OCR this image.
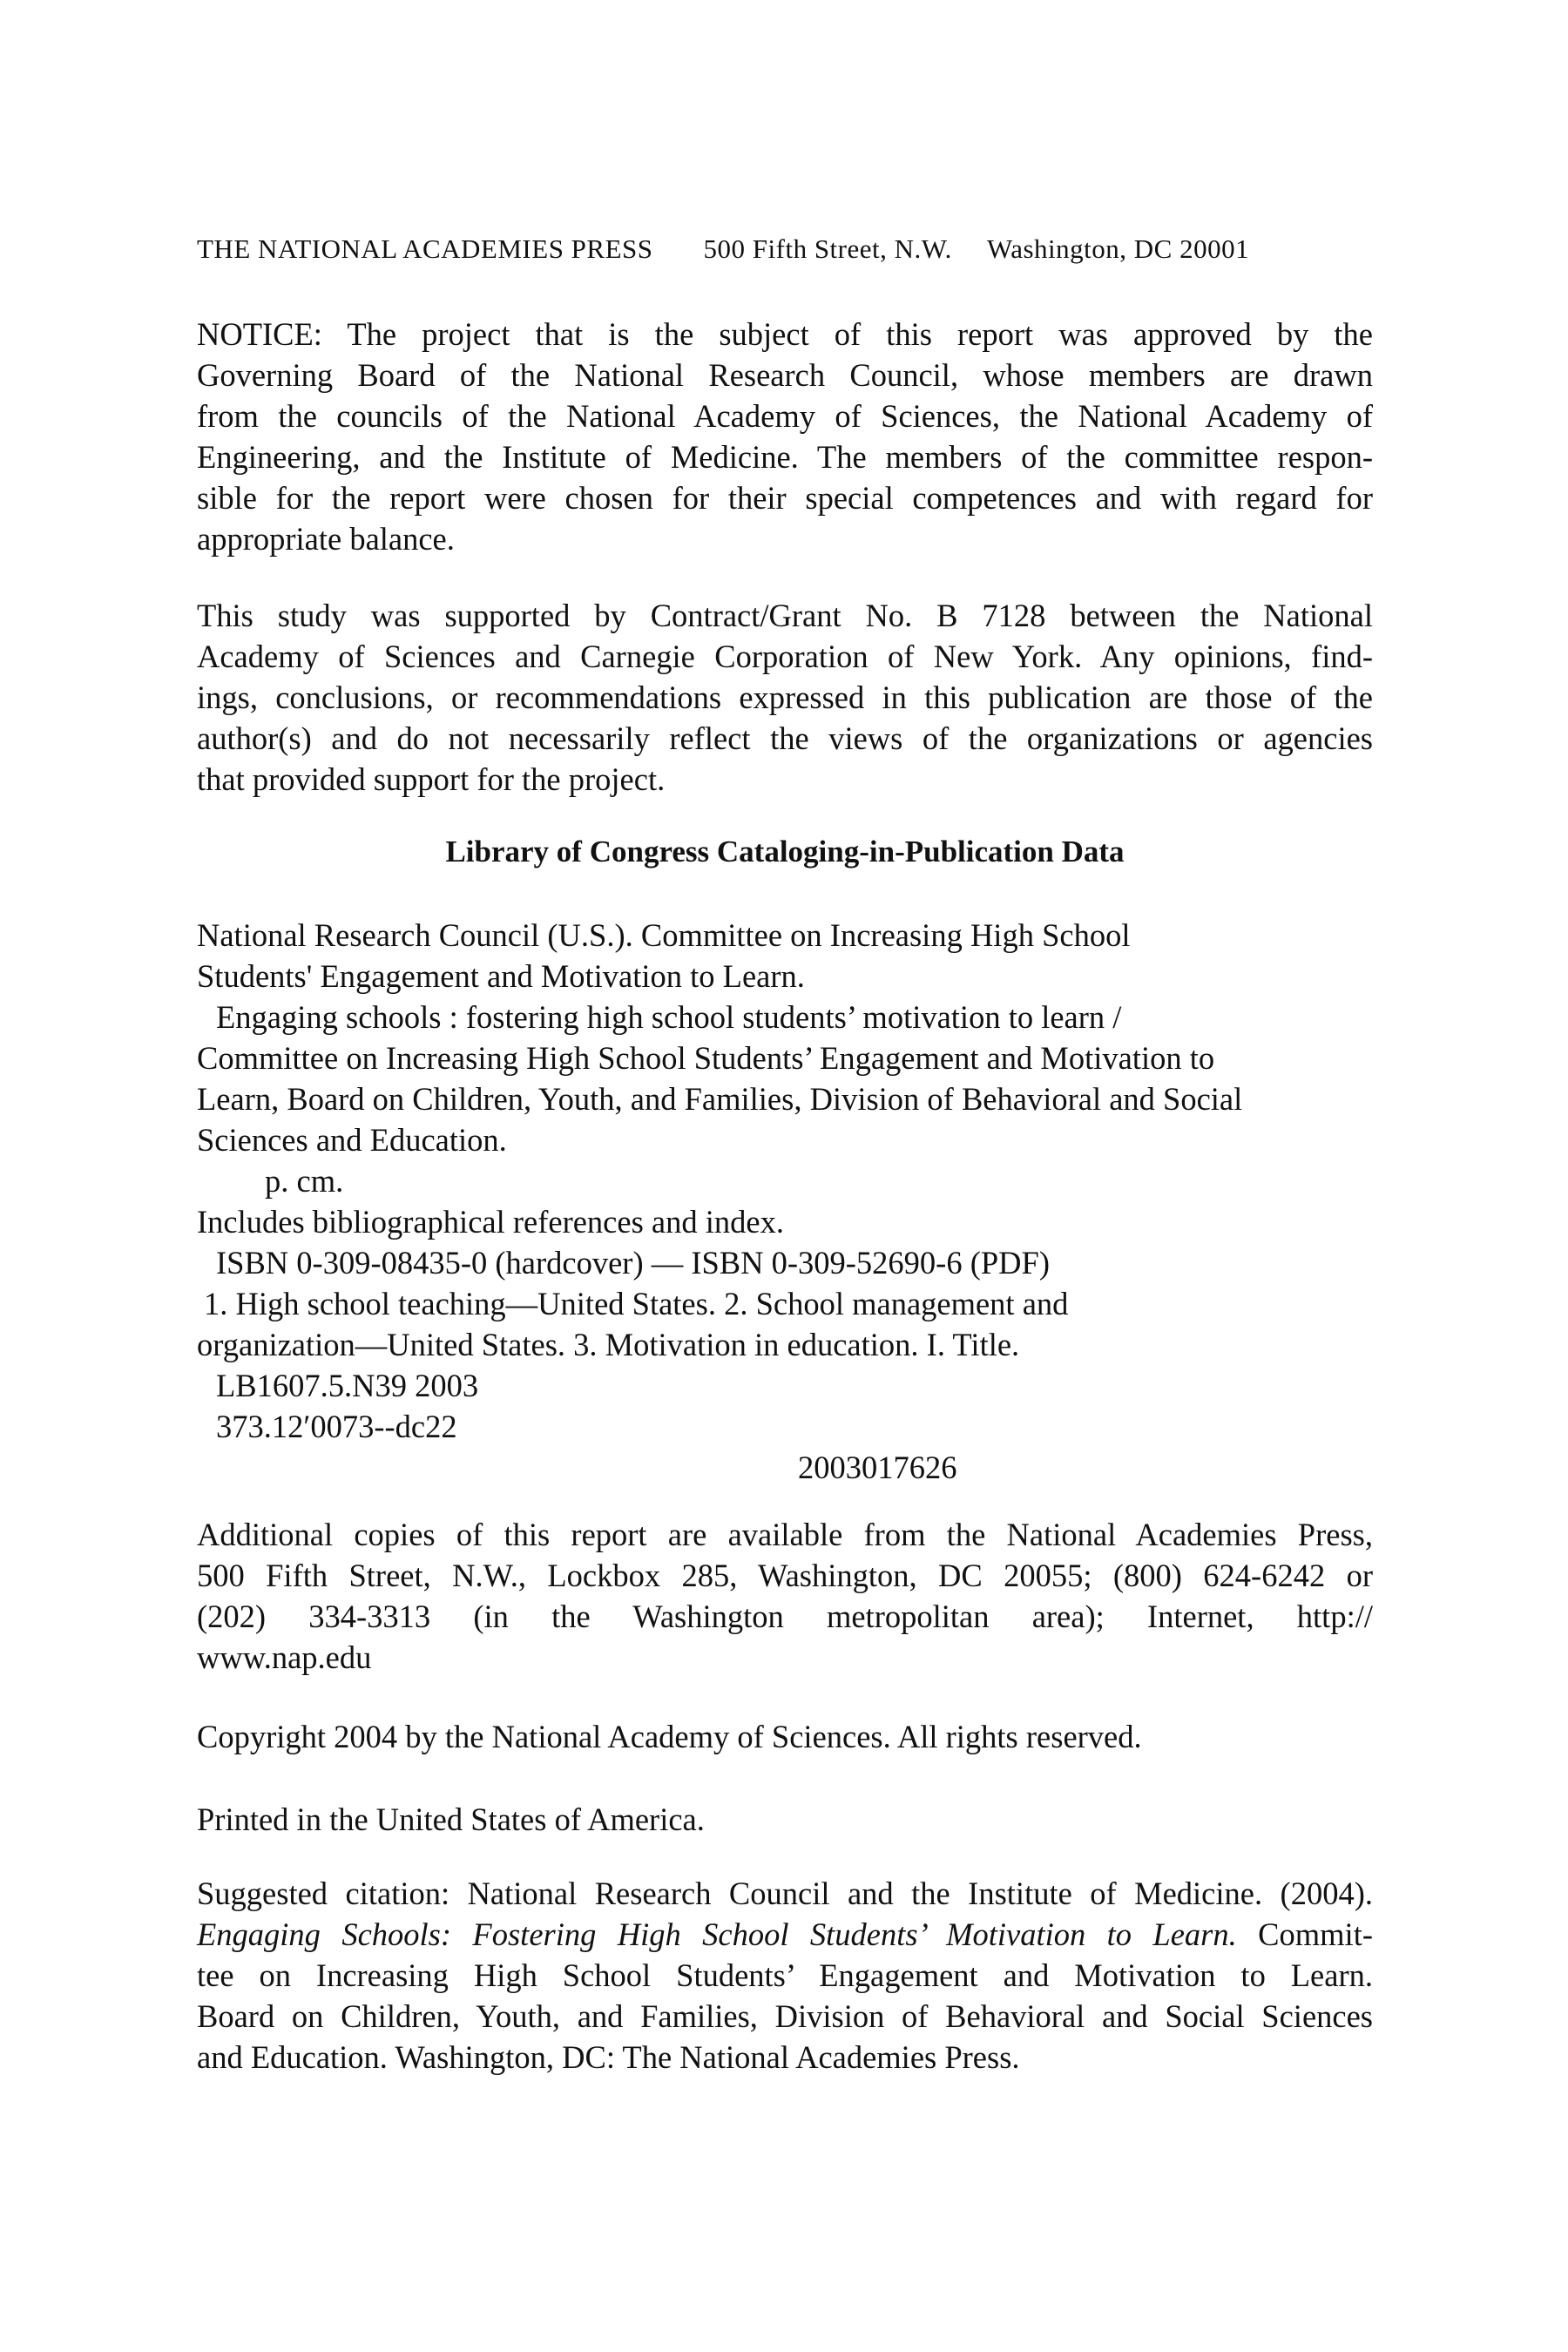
THE NATIONAL ACADEMIES PRESS 500 Fifth Street, N.W. Washington, DC 20001
NOTICE: The project that is the subject of this report was approved by the
Governing Board of the National Research Council, whose members are drawn
from the councils of the National Academy of Sciences, the National Academy of
Engineering, and the Institute of Medicine. The members of the committee respon-
sible for the report were chosen for their special competences and with regard for
appropriate balance.
This study was supported by Contract/Grant No. B 7128 between the National
Academy of Sciences and Carnegie Corporation of New York. Any opinions, find-
ings, conclusions, or recommendations expressed in this publication are those of the
author(s) and do not necessarily reflect the views of the organizations or agencies
that provided support for the project.
Library of Congress Cataloging-in-Publication Data
National Research Council (U.S.). Committee on Increasing High School
Students' Engagement and Motivation to Learn.
Engaging schools : fostering high school students’ motivation to learn /
Committee on Increasing High School Students’ Engagement and Motivation to
Learn, Board on Children, Youth, and Families, Division of Behavioral and Social
Sciences and Education.
p. cm.
Includes bibliographical references and index.
ISBN 0-309-08435-0 (hardcover) — ISBN 0-309-52690-6 (PDF)
1. High school teaching—United States. 2. School management and
organization—United States. 3. Motivation in education. I. Title.
LB1607.5.N39 2003
373.12′0073--dc22
2003017626
Additional copies of this report are available from the National Academies Press,
500 Fifth Street, N.W., Lockbox 285, Washington, DC 20055; (800) 624-6242 or
(202) 334-3313 (in the Washington metropolitan area); Internet, http://
www.nap.edu
Copyright 2004 by the National Academy of Sciences. All rights reserved.
Printed in the United States of America.
Suggested citation: National Research Council and the Institute of Medicine. (2004).
Engaging Schools: Fostering High School Students’ Motivation to Learn. Commit-
tee on Increasing High School Students’ Engagement and Motivation to Learn.
Board on Children, Youth, and Families, Division of Behavioral and Social Sciences
and Education. Washington, DC: The National Academies Press.
